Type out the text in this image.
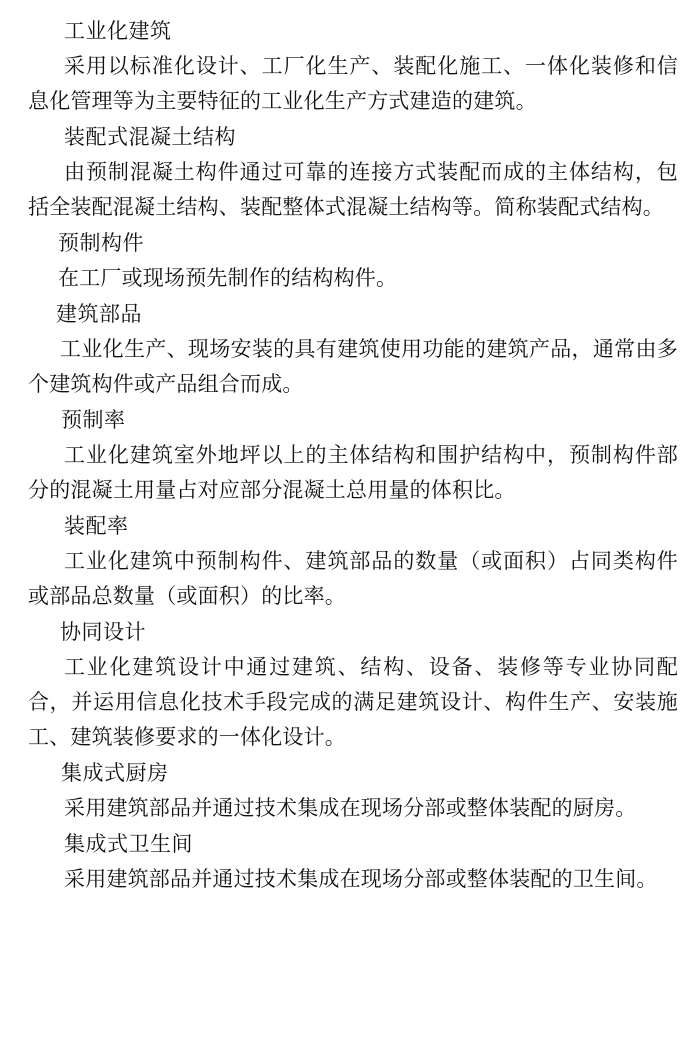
工业化建筑

采用以标准化设计、工厂化生产、装配化施工、一体化装修和信息化管理等为主要特征的工业化生产方式建造的建筑。

装配式混凝土结构

由预制混凝土构件通过可靠的连接方式装配而成的主体结构，包括全装配混凝土结构、装配整体式混凝土结构等。简称装配式结构。

预制构件

在工厂或现场预先制作的结构构件。

建筑部品

工业化生产、现场安装的具有建筑使用功能的建筑产品，通常由多个建筑构件或产品组合而成。

预制率

工业化建筑室外地坪以上的主体结构和围护结构中，预制构件部分的混凝土用量占对应部分混凝土总用量的体积比。

装配率

工业化建筑中预制构件、建筑部品的数量（或面积）占同类构件或部品总数量（或面积）的比率。

协同设计

工业化建筑设计中通过建筑、结构、设备、装修等专业协同配合，并运用信息化技术手段完成的满足建筑设计、构件生产、安装施工、建筑装修要求的一体化设计。

集成式厨房

采用建筑部品并通过技术集成在现场分部或整体装配的厨房。

集成式卫生间

采用建筑部品并通过技术集成在现场分部或整体装配的卫生间。
